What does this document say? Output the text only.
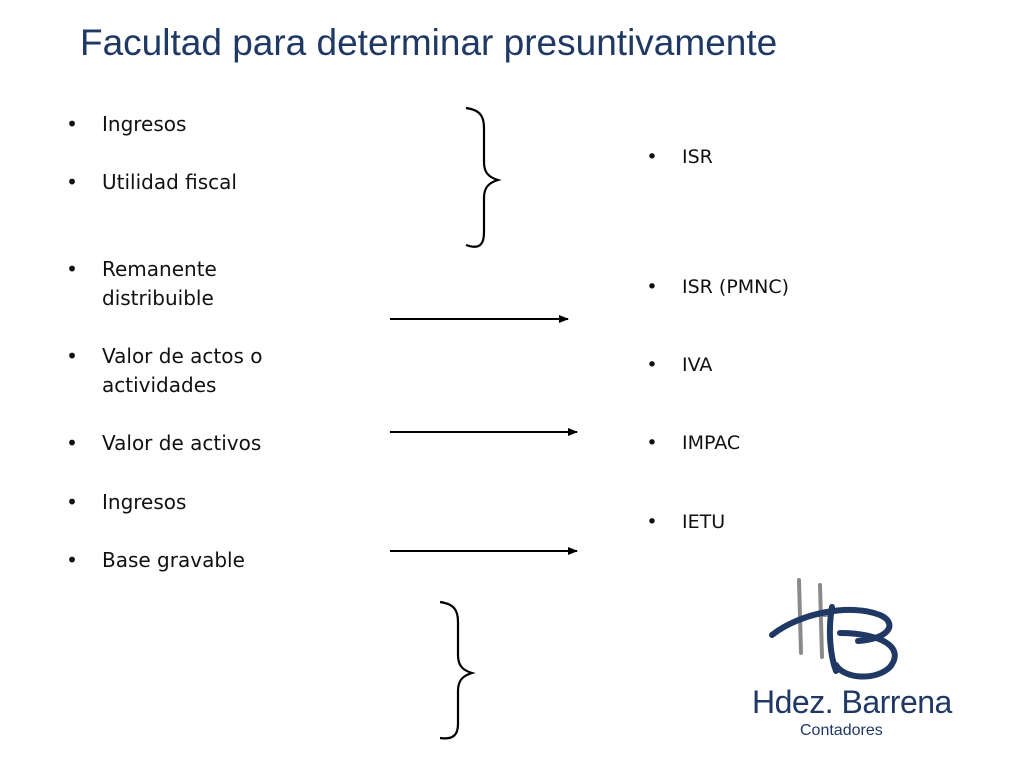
Facultad para determinar presuntivamente
• Ingresos
• Utilidad fiscal
• Remanente distribuible
• Valor de actos o actividades
• Valor de activos
• Ingresos
• Base gravable
• ISR
• ISR (PMNC)
• IVA
• IMPAC
• IETU
Hdez. Barrena
Contadores
